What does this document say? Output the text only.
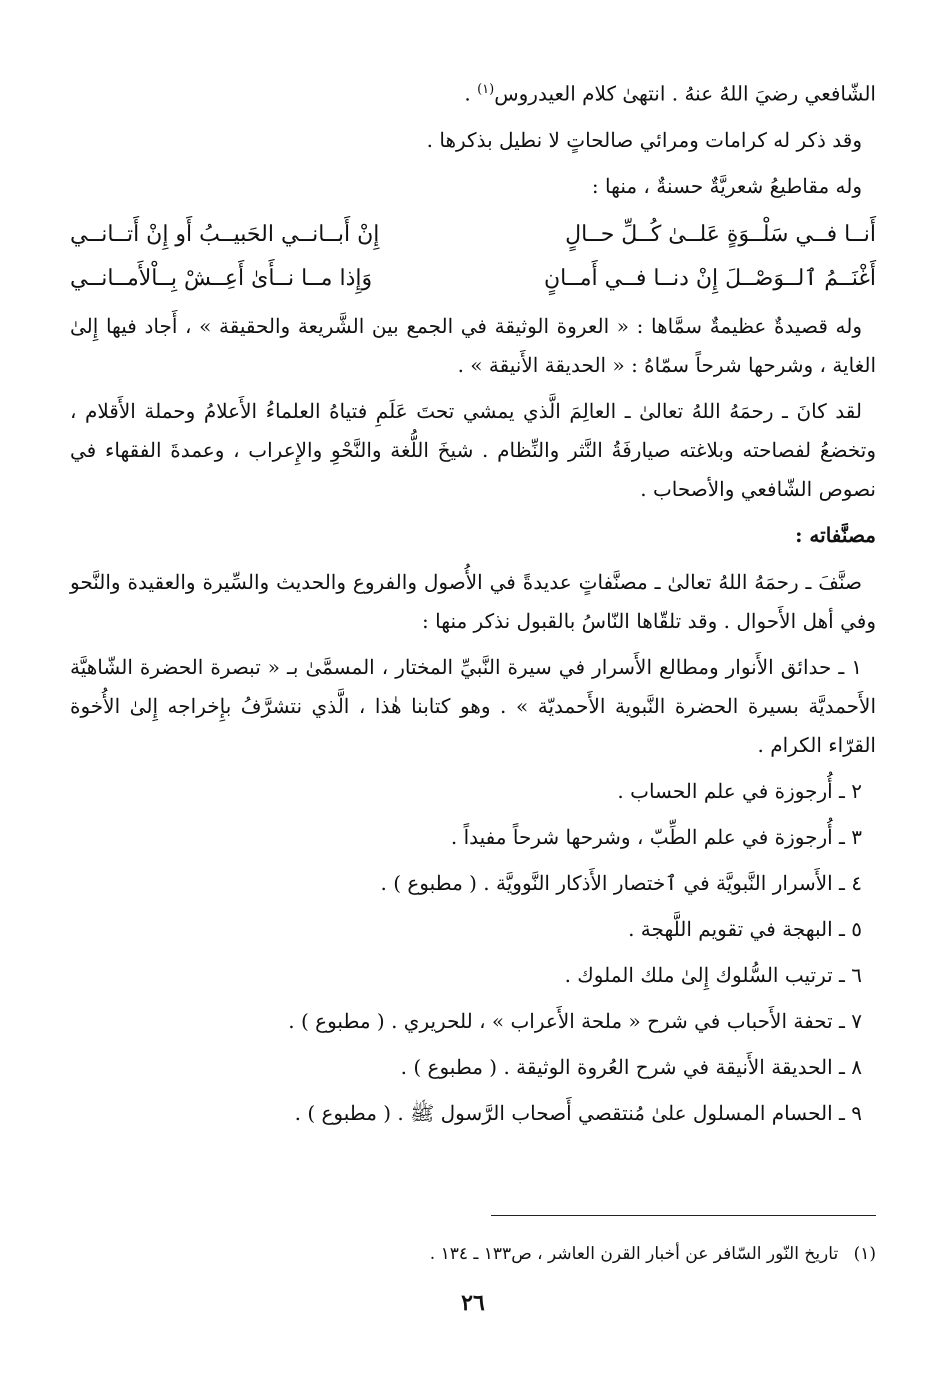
الشّافعي رضيَ اللهُ عنهُ . انتهىٰ كلام العيدروس$^{(١)}$ .

وقد ذكر له كرامات ومرائي صالحاتٍ لا نطيل بذكرها .

وله مقاطيعُ شعريَّةٌ حسنةٌ ، منها :

أَنــا فــي سَلْــوَةٍ عَلــىٰ كُــلِّ حــالٍ
إِنْ أَبــانــي الحَبيــبُ أَو إِنْ أَتــانــي
أَغْنَــمُ ٱلــوَصْــلَ إِنْ دنــا فــي أَمــانٍ
وَإِذا مــا نــأَىٰ أَعِــشْ بِــاْلأَمــانــي

وله قصيدةٌ عظيمةٌ سمَّاها : « العروة الوثيقة في الجمع بين الشَّريعة والحقيقة » ، أَجاد فيها إِلىٰ الغاية ، وشرحها شرحاً سمّاهُ : « الحديقة الأَنيقة » .

لقد كانَ ـ رحمَهُ اللهُ تعالىٰ ـ العالِمَ الَّذي يمشي تحتَ عَلَمِ فتياهُ العلماءُ الأَعلامُ وحملة الأَقلام ، وتخضعُ لفصاحته وبلاغته صيارفَةُ النَّثر والنِّظام . شيخَ اللُّغة والنَّحْوِ والإِعراب ، وعمدةَ الفقهاء في نصوص الشّافعي والأصحاب .

مصنَّفاته :

صنَّفَ ـ رحمَهُ اللهُ تعالىٰ ـ مصنَّفاتٍ عديدةً في الأُصول والفروع والحديث والسِّيرة والعقيدة والنَّحو وفي أهل الأَحوال . وقد تلقّاها النّاسُ بالقبول نذكر منها :

١ ـ حدائق الأَنوار ومطالع الأَسرار في سيرة النَّبيِّ المختار ، المسمَّىٰ بـ « تبصرة الحضرة الشّاهيَّة الأَحمديَّة بسيرة الحضرة النَّبوية الأَحمديّة » . وهو كتابنا هٰذا ، الَّذي نتشرَّفُ بإِخراجه إِلىٰ الأُخوة القرّاء الكرام .

٢ ـ أُرجوزة في علم الحساب .

٣ ـ أُرجوزة في علم الطِّبّ ، وشرحها شرحاً مفيداً .

٤ ـ الأَسرار النَّبويَّة في ٱختصار الأَذكار النَّوويَّة . ( مطبوع ) .

٥ ـ البهجة في تقويم اللَّهجة .

٦ ـ ترتيب السُّلوك إِلىٰ ملك الملوك .

٧ ـ تحفة الأَحباب في شرح « ملحة الأَعراب » ، للحريري . ( مطبوع ) .

٨ ـ الحديقة الأَنيقة في شرح العُروة الوثيقة . ( مطبوع ) .

٩ ـ الحسام المسلول علىٰ مُنتقصي أَصحاب الرَّسول ﷺ . ( مطبوع ) .

(١) تاريخ النّور السّافر عن أخبار القرن العاشر ، ص١٣٣ ـ ١٣٤ .
٢٦
